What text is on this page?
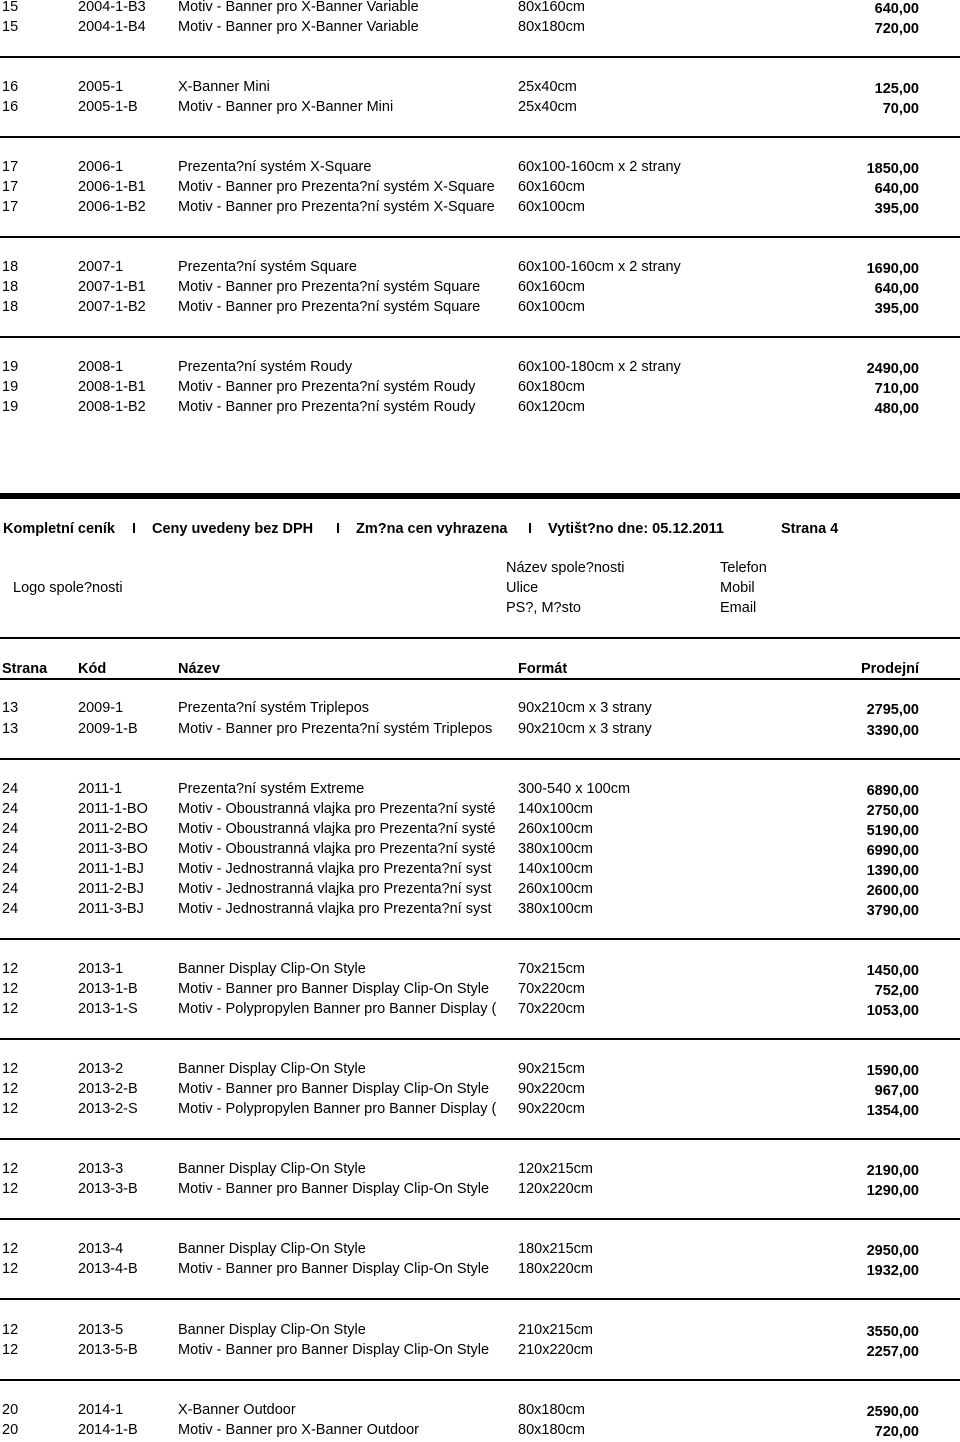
15	2004-1-B3	Motiv - Banner pro X-Banner Variable	80x160cm	640,00
15	2004-1-B4	Motiv - Banner pro X-Banner Variable	80x180cm	720,00
16	2005-1	X-Banner Mini	25x40cm	125,00
16	2005-1-B	Motiv - Banner pro X-Banner Mini	25x40cm	70,00
17	2006-1	Prezenta?ní systém X-Square	60x100-160cm x 2 strany	1850,00
17	2006-1-B1	Motiv - Banner pro Prezenta?ní systém X-Square	60x160cm	640,00
17	2006-1-B2	Motiv - Banner pro Prezenta?ní systém X-Square	60x100cm	395,00
18	2007-1	Prezenta?ní systém Square	60x100-160cm x 2 strany	1690,00
18	2007-1-B1	Motiv - Banner pro Prezenta?ní systém Square	60x160cm	640,00
18	2007-1-B2	Motiv - Banner pro Prezenta?ní systém Square	60x100cm	395,00
19	2008-1	Prezenta?ní systém Roudy	60x100-180cm x 2 strany	2490,00
19	2008-1-B1	Motiv - Banner pro Prezenta?ní systém Roudy	60x180cm	710,00
19	2008-1-B2	Motiv - Banner pro Prezenta?ní systém Roudy	60x120cm	480,00
Kompletní ceník I Ceny uvedeny bez DPH I Zm?na cen vyhrazena I Vytišt?no dne: 05.12.2011	Strana 4
Logo spole?nosti
Název spole?nosti
Ulice
PS?, M?sto
Telefon
Mobil
Email
Strana Kód	Název	Formát	Prodejní
13	2009-1	Prezenta?ní systém Triplepos	90x210cm x 3 strany	2795,00
13	2009-1-B	Motiv - Banner pro Prezenta?ní systém Triplepos	90x210cm x 3 strany	3390,00
24	2011-1	Prezenta?ní systém Extreme	300-540 x 100cm	6890,00
24	2011-1-BO	Motiv - Oboustranná vlajka pro Prezenta?ní systé	140x100cm	2750,00
24	2011-2-BO	Motiv - Oboustranná vlajka pro Prezenta?ní systé	260x100cm	5190,00
24	2011-3-BO	Motiv - Oboustranná vlajka pro Prezenta?ní systé	380x100cm	6990,00
24	2011-1-BJ	Motiv - Jednostranná vlajka pro Prezenta?ní syst	140x100cm	1390,00
24	2011-2-BJ	Motiv - Jednostranná vlajka pro Prezenta?ní syst	260x100cm	2600,00
24	2011-3-BJ	Motiv - Jednostranná vlajka pro Prezenta?ní syst	380x100cm	3790,00
12	2013-1	Banner Display Clip-On Style	70x215cm	1450,00
12	2013-1-B	Motiv - Banner pro Banner Display Clip-On Style	70x220cm	752,00
12	2013-1-S	Motiv - Polypropylen Banner pro Banner Display (	70x220cm	1053,00
12	2013-2	Banner Display Clip-On Style	90x215cm	1590,00
12	2013-2-B	Motiv - Banner pro Banner Display Clip-On Style	90x220cm	967,00
12	2013-2-S	Motiv - Polypropylen Banner pro Banner Display (	90x220cm	1354,00
12	2013-3	Banner Display Clip-On Style	120x215cm	2190,00
12	2013-3-B	Motiv - Banner pro Banner Display Clip-On Style	120x220cm	1290,00
12	2013-4	Banner Display Clip-On Style	180x215cm	2950,00
12	2013-4-B	Motiv - Banner pro Banner Display Clip-On Style	180x220cm	1932,00
12	2013-5	Banner Display Clip-On Style	210x215cm	3550,00
12	2013-5-B	Motiv - Banner pro Banner Display Clip-On Style	210x220cm	2257,00
20	2014-1	X-Banner Outdoor	80x180cm	2590,00
20	2014-1-B	Motiv - Banner pro X-Banner Outdoor	80x180cm	720,00
